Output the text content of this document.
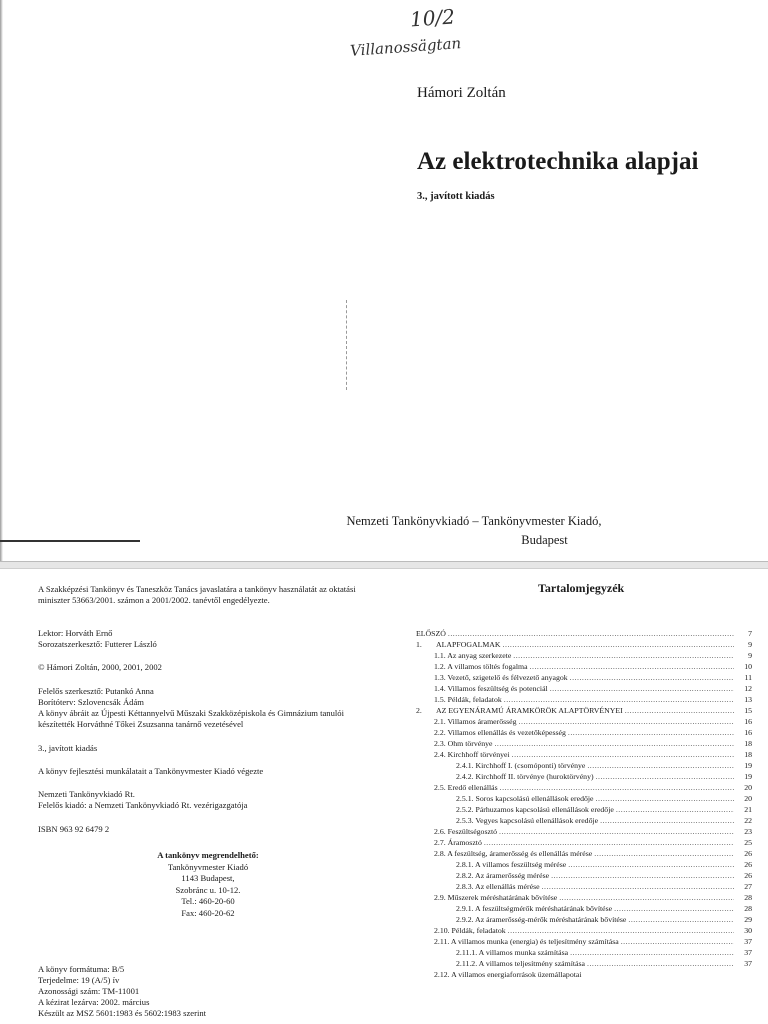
10/2
Villanossägtan
Hámori Zoltán
Az elektrotechnika alapjai
3., javított kiadás
Nemzeti Tankönyvkiadó – Tankönyvmester Kiadó,
Budapest
A Szakképzési Tankönyv és Taneszköz Tanács javaslatára a tankönyv használatát az oktatási miniszter 53663/2001. számon a 2001/2002. tanévtől engedélyezte.
Lektor: Horváth Ernő
Sorozatszerkesztő: Futterer László
© Hámori Zoltán, 2000, 2001, 2002
Felelős szerkesztő: Putankó Anna
Borítóterv: Szlovencsák Ádám
A könyv ábráit az Újpesti Kéttannyelvű Műszaki Szakközépiskola és Gimnázium tanulói készítették Horváthné Tőkei Zsuzsanna tanárnő vezetésével
3., javított kiadás
A könyv fejlesztési munkálatait a Tankönyvmester Kiadó végezte
Nemzeti Tankönyvkiadó Rt.
Felelős kiadó: a Nemzeti Tankönyvkiadó Rt. vezérigazgatója
ISBN 963 92 6479 2
A tankönyv megrendelhető:
Tankönyvmester Kiadó
1143 Budapest,
Szobránc u. 10-12.
Tel.: 460-20-60
Fax: 460-20-62
A könyv formátuma: B/5
Terjedelme: 19 (A/5) ív
Azonossági szám: TM-11001
A kézirat lezárva: 2002. március
Készült az MSZ 5601:1983 és 5602:1983 szerint
Tartalomjegyzék
ELŐSZÓ .....	7
1. ALAPFOGALMAK .....	9
1.1. Az anyag szerkezete .....	9
1.2. A villamos töltés fogalma .....	10
1.3. Vezető, szigetelő és félvezető anyagok .....	11
1.4. Villamos feszültség és potenciál .....	12
1.5. Példák, feladatok .....	13
2. AZ EGYENÁRAMÚ ÁRAMKÖRÖK ALAPTÖRVÉNYEI .....	15
2.1. Villamos áramerősség .....	16
2.2. Villamos ellenállás és vezetőképesség .....	16
2.3. Ohm törvénye .....	18
2.4. Kirchhoff törvényei .....	18
2.4.1. Kirchhoff I. (csomóponti) törvénye .....	19
2.4.2. Kirchhoff II. törvénye (huroktörvény) .....	19
2.5. Eredő ellenállás .....	20
2.5.1. Soros kapcsolású ellenállások eredője .....	20
2.5.2. Párhuzamos kapcsolású ellenállások eredője .....	21
2.5.3. Vegyes kapcsolású ellenállások eredője .....	22
2.6. Feszültségosztó .....	23
2.7. Áramosztó .....	25
2.8. A feszültség, áramerősség és ellenállás mérése .....	26
2.8.1. A villamos feszültség mérése .....	26
2.8.2. Az áramerősség mérése .....	26
2.8.3. Az ellenállás mérése .....	27
2.9. Műszerek méréshatárának bővítése .....	28
2.9.1. A feszültségmérők méréshatárának bővítése .....	28
2.9.2. Az áramerősség-mérők méréshatárának bővítése .....	29
2.10. Példák, feladatok .....	30
2.11. A villamos munka (energia) és teljesítmény számítása .....	37
2.11.1. A villamos munka számítása .....	37
2.11.2. A villamos teljesítmény számítása .....	37
2.12. A villamos energiaforrások üzemállapotai
